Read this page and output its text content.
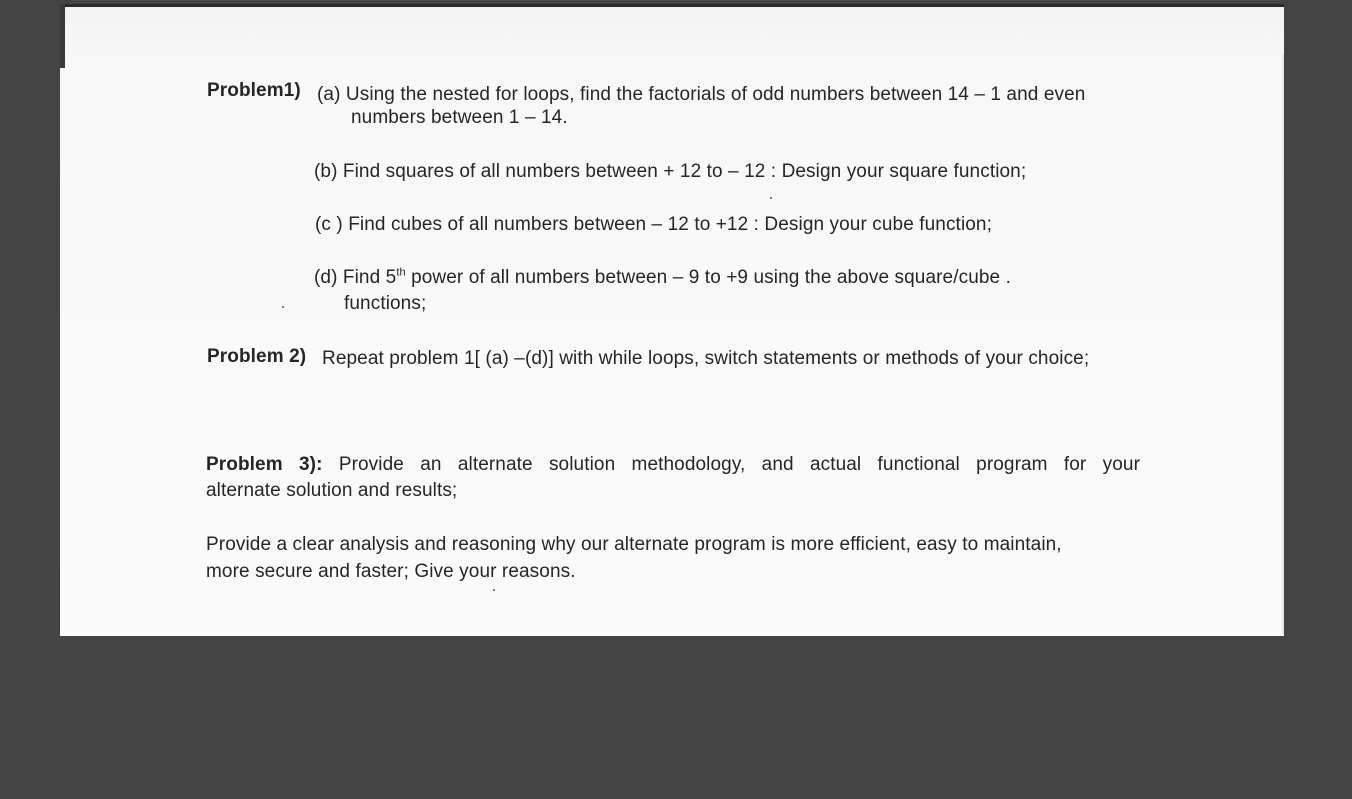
Problem1) (a) Using the nested for loops, find the factorials of odd numbers between 14 – 1 and even
numbers between 1 – 14.
(b) Find squares of all numbers between + 12 to – 12 : Design your square function;
(c ) Find cubes of all numbers between – 12 to +12 : Design your cube function;
(d) Find 5th power of all numbers between – 9 to +9 using the above square/cube .
functions;
Problem 2) Repeat problem 1[ (a) –(d)] with while loops, switch statements or methods of your choice;
Problem 3): Provide an alternate solution methodology, and actual functional program for your
alternate solution and results;
Provide a clear analysis and reasoning why our alternate program is more efficient, easy to maintain,
more secure and faster; Give your reasons.
